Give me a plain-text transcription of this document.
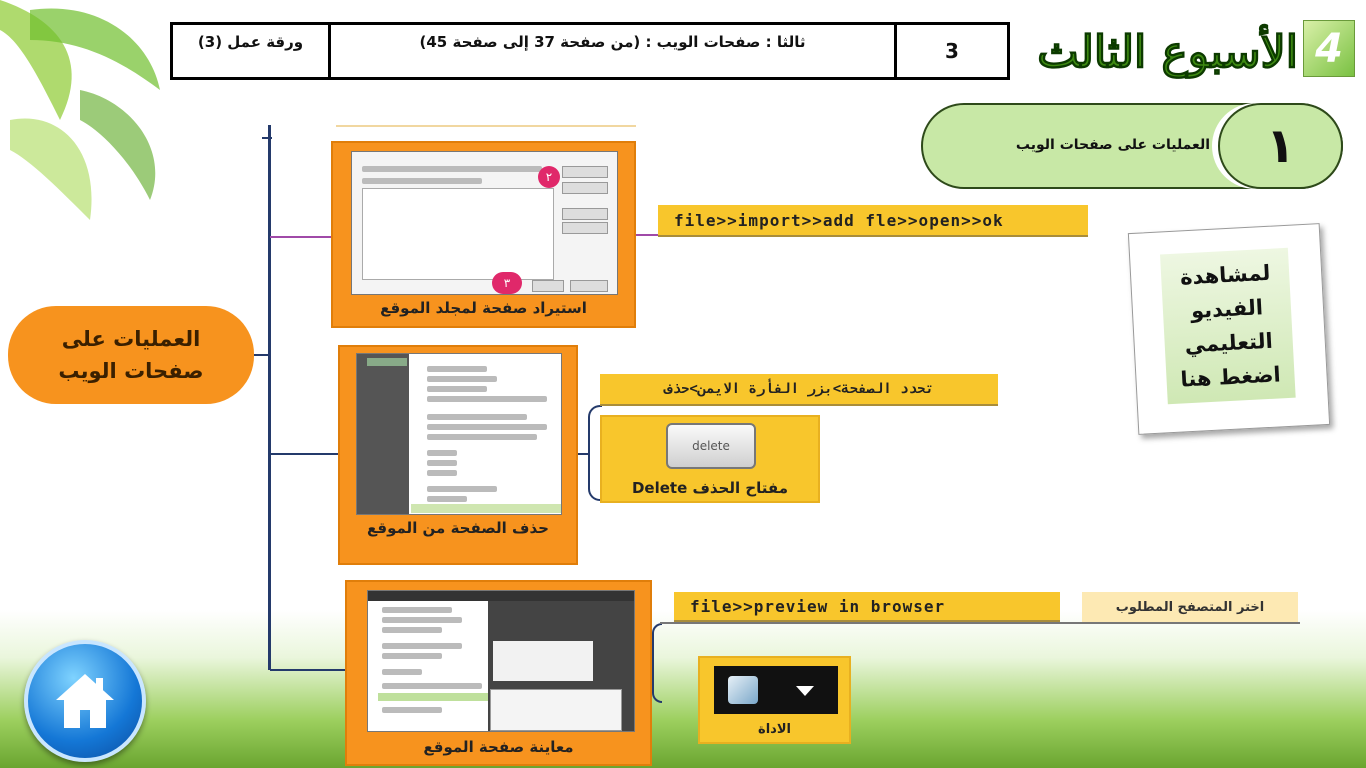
ورقة عمل (3)	ثالثا : صفحات الويب : (من صفحة 37 إلى صفحة 45)	3	الأسبوع الثالث 4
العمليات على صفحات الويب	١
لمشاهدة
الفيديو
التعليمي
اضغط هنا
العمليات على
صفحات الويب
٢
٣
استيراد صفحة لمجلد الموقع
file>>import>>add fle>>open>>ok
حذف الصفحة من الموقع
تحدد الصفحة>بزر الفأرة الايمن>حذف
delete
مفتاح الحذف Delete
معاينة صفحة الموقع
file>>preview in browser	اختر المتصفح المطلوب
الاداة
